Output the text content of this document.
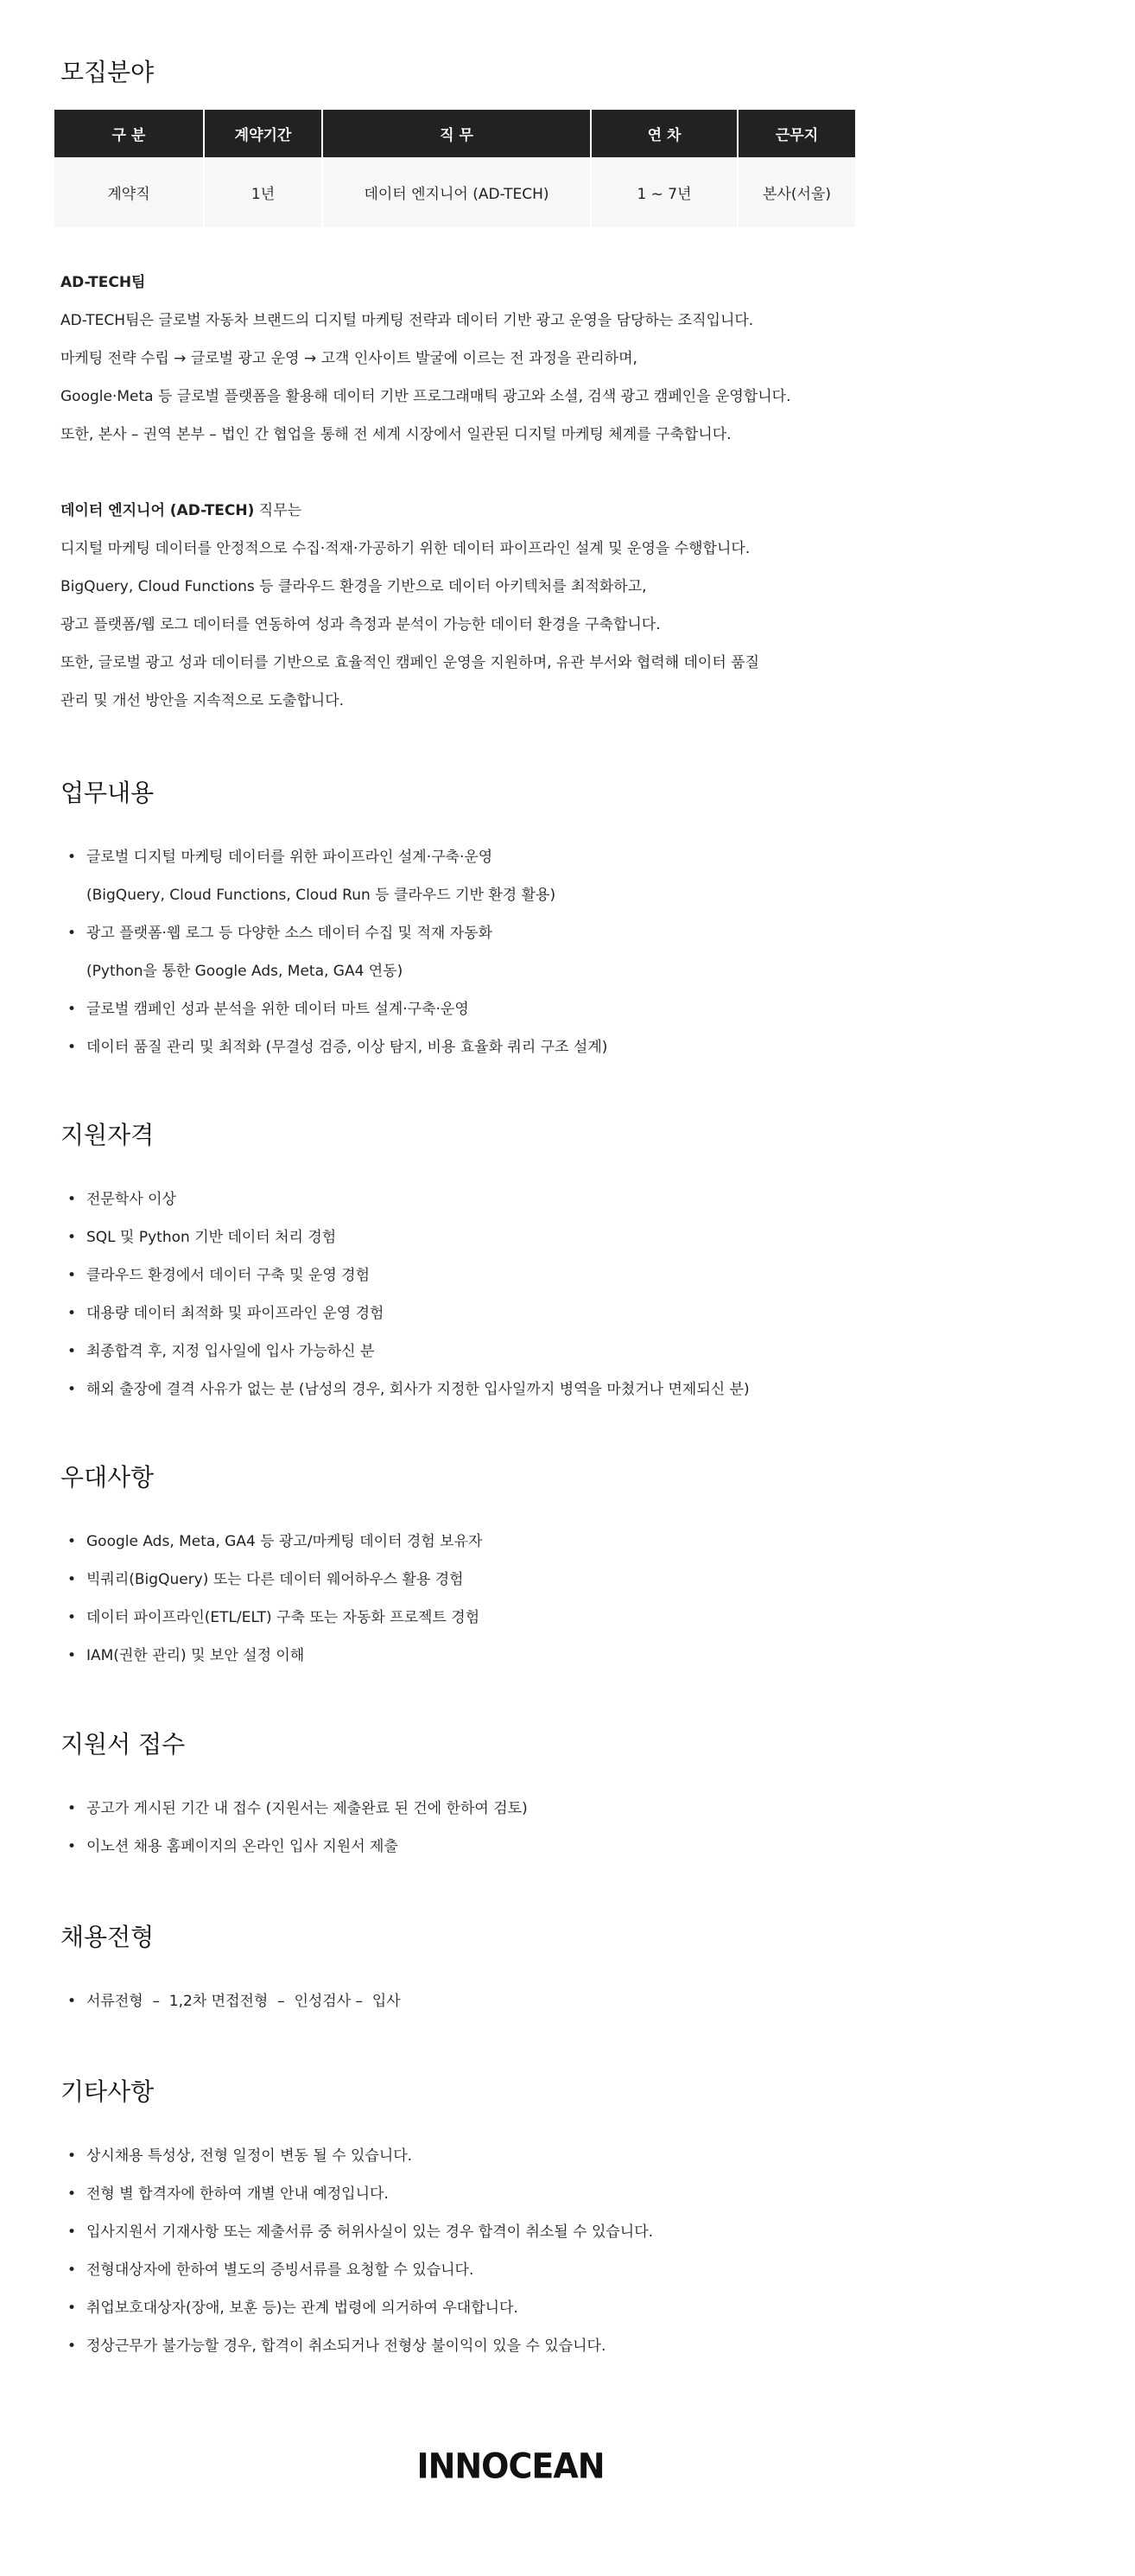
모집분야
구 분	계약기간	직 무	연 차	근무지
계약직	1년	데이터 엔지니어 (AD-TECH)	1 ~ 7년	본사(서울)
AD-TECH팀
AD-TECH팀은 글로벌 자동차 브랜드의 디지털 마케팅 전략과 데이터 기반 광고 운영을 담당하는 조직입니다.
마케팅 전략 수립 → 글로벌 광고 운영 → 고객 인사이트 발굴에 이르는 전 과정을 관리하며,
Google·Meta 등 글로벌 플랫폼을 활용해 데이터 기반 프로그래매틱 광고와 소셜, 검색 광고 캠페인을 운영합니다.
또한, 본사 – 권역 본부 – 법인 간 협업을 통해 전 세계 시장에서 일관된 디지털 마케팅 체계를 구축합니다.
데이터 엔지니어 (AD-TECH) 직무는
디지털 마케팅 데이터를 안정적으로 수집·적재·가공하기 위한 데이터 파이프라인 설계 및 운영을 수행합니다.
BigQuery, Cloud Functions 등 클라우드 환경을 기반으로 데이터 아키텍처를 최적화하고,
광고 플랫폼/웹 로그 데이터를 연동하여 성과 측정과 분석이 가능한 데이터 환경을 구축합니다.
또한, 글로벌 광고 성과 데이터를 기반으로 효율적인 캠페인 운영을 지원하며, 유관 부서와 협력해 데이터 품질
관리 및 개선 방안을 지속적으로 도출합니다.
업무내용
• 글로벌 디지털 마케팅 데이터를 위한 파이프라인 설계·구축·운영
(BigQuery, Cloud Functions, Cloud Run 등 클라우드 기반 환경 활용)
• 광고 플랫폼·웹 로그 등 다양한 소스 데이터 수집 및 적재 자동화
(Python을 통한 Google Ads, Meta, GA4 연동)
• 글로벌 캠페인 성과 분석을 위한 데이터 마트 설계·구축·운영
• 데이터 품질 관리 및 최적화 (무결성 검증, 이상 탐지, 비용 효율화 쿼리 구조 설계)
지원자격
• 전문학사 이상
• SQL 및 Python 기반 데이터 처리 경험
• 클라우드 환경에서 데이터 구축 및 운영 경험
• 대용량 데이터 최적화 및 파이프라인 운영 경험
• 최종합격 후, 지정 입사일에 입사 가능하신 분
• 해외 출장에 결격 사유가 없는 분 (남성의 경우, 회사가 지정한 입사일까지 병역을 마쳤거나 면제되신 분)
우대사항
• Google Ads, Meta, GA4 등 광고/마케팅 데이터 경험 보유자
• 빅쿼리(BigQuery) 또는 다른 데이터 웨어하우스 활용 경험
• 데이터 파이프라인(ETL/ELT) 구축 또는 자동화 프로젝트 경험
• IAM(권한 관리) 및 보안 설정 이해
지원서 접수
• 공고가 게시된 기간 내 접수 (지원서는 제출완료 된 건에 한하여 검토)
• 이노션 채용 홈페이지의 온라인 입사 지원서 제출
채용전형
• 서류전형  –  1,2차 면접전형  –  인성검사 –  입사
기타사항
• 상시채용 특성상, 전형 일정이 변동 될 수 있습니다.
• 전형 별 합격자에 한하여 개별 안내 예정입니다.
• 입사지원서 기재사항 또는 제출서류 중 허위사실이 있는 경우 합격이 취소될 수 있습니다.
• 전형대상자에 한하여 별도의 증빙서류를 요청할 수 있습니다.
• 취업보호대상자(장애, 보훈 등)는 관계 법령에 의거하여 우대합니다.
• 정상근무가 불가능할 경우, 합격이 취소되거나 전형상 불이익이 있을 수 있습니다.
INNOCEAN
